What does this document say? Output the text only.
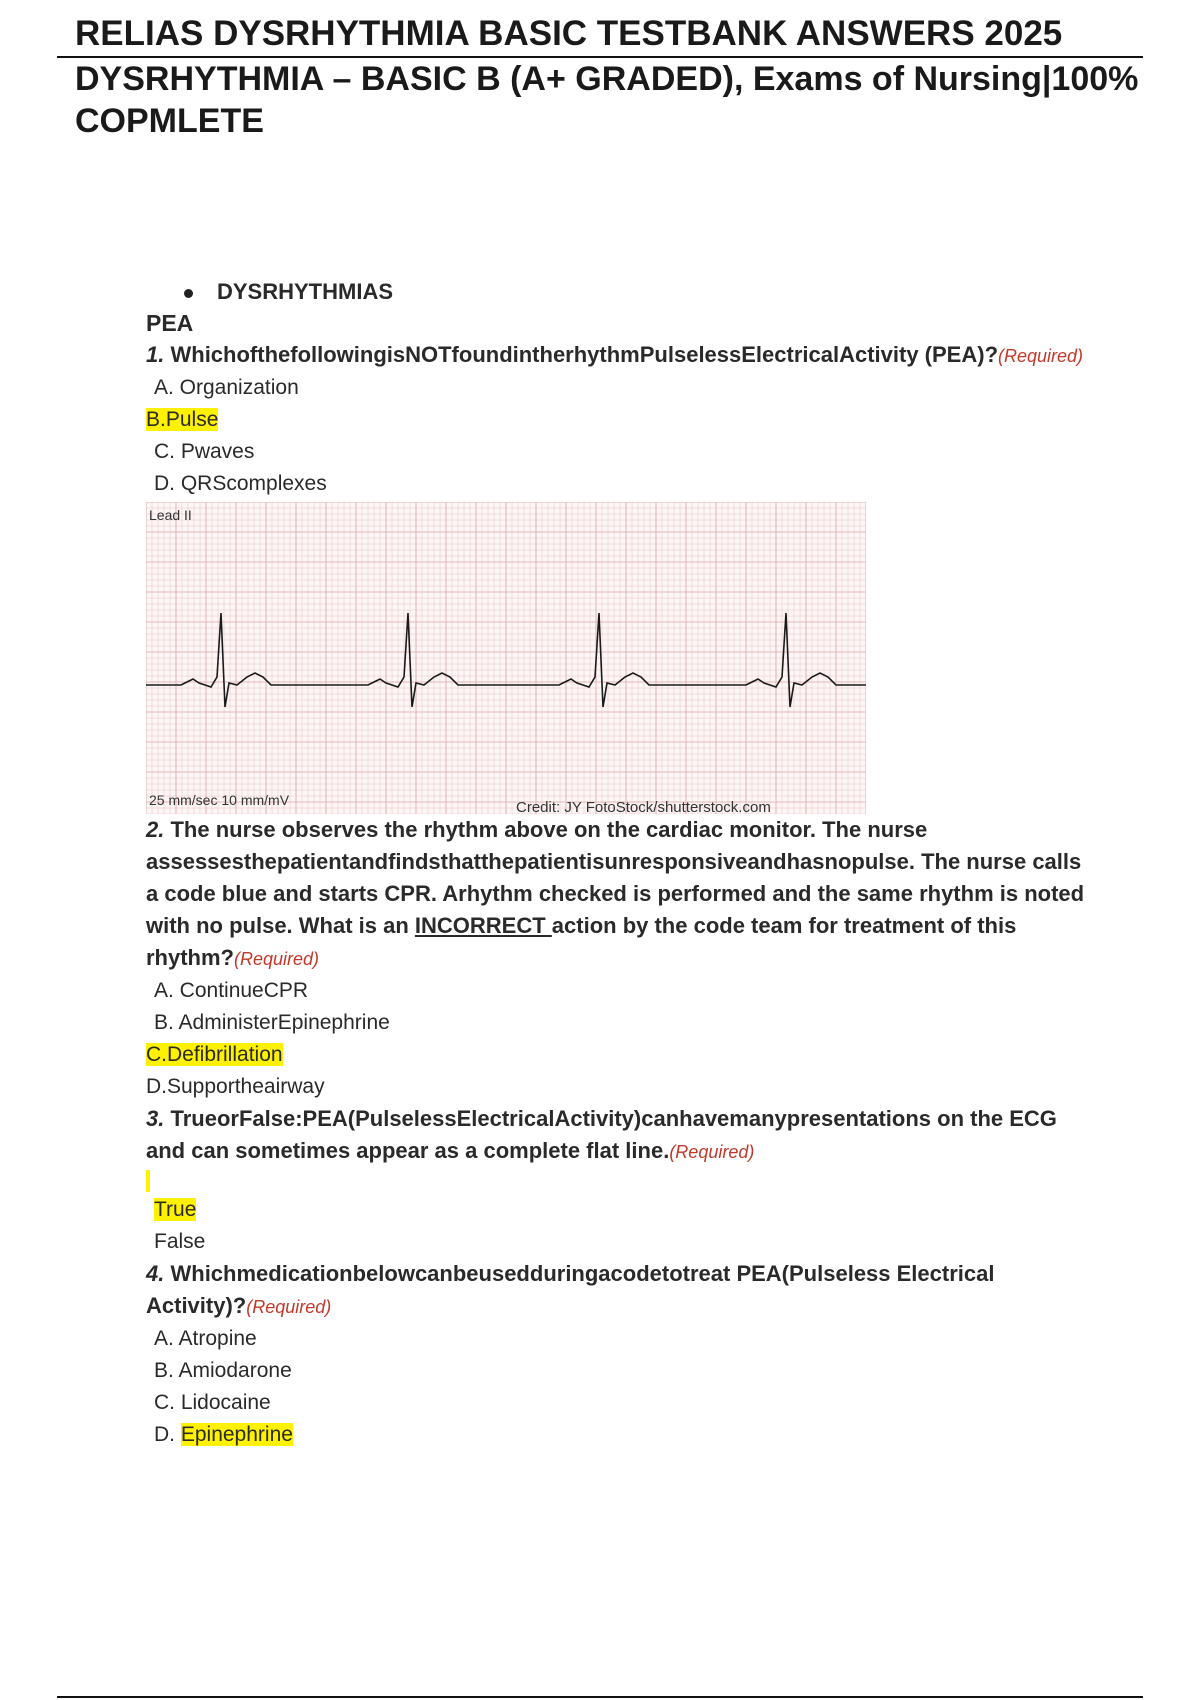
RELIAS DYSRHYTHMIA BASIC TESTBANK ANSWERS 2025
DYSRHYTHMIA – BASIC B (A+ GRADED), Exams of Nursing|100% COPMLETE
DYSRHYTHMIAS
PEA
1. WhichofthefollowingisNOTfoundintherhythmPulselessElectricalActivity (PEA)?(Required)
A. Organization
B.Pulse
C. Pwaves
D. QRScomplexes
Lead II
25 mm/sec 10 mm/mV	Credit: JY FotoStock/shutterstock.com
2. The nurse observes the rhythm above on the cardiac monitor. The nurse assessesthepatientandfindsthatthepatientisunresponsiveandhasnopulse. The nurse calls a code blue and starts CPR. Arhythm checked is performed and the same rhythm is noted with no pulse. What is an INCORRECT action by the code team for treatment of this rhythm?(Required)
A. ContinueCPR
B. AdministerEpinephrine
C.Defibrillation
D.Supportheairway
3. TrueorFalse:PEA(PulselessElectricalActivity)canhavemanypresentations on the ECG and can sometimes appear as a complete flat line.(Required)
True
False
4. Whichmedicationbelowcanbeusedduringacodetotreat PEA(Pulseless Electrical Activity)?(Required)
A. Atropine
B. Amiodarone
C. Lidocaine
D. Epinephrine
